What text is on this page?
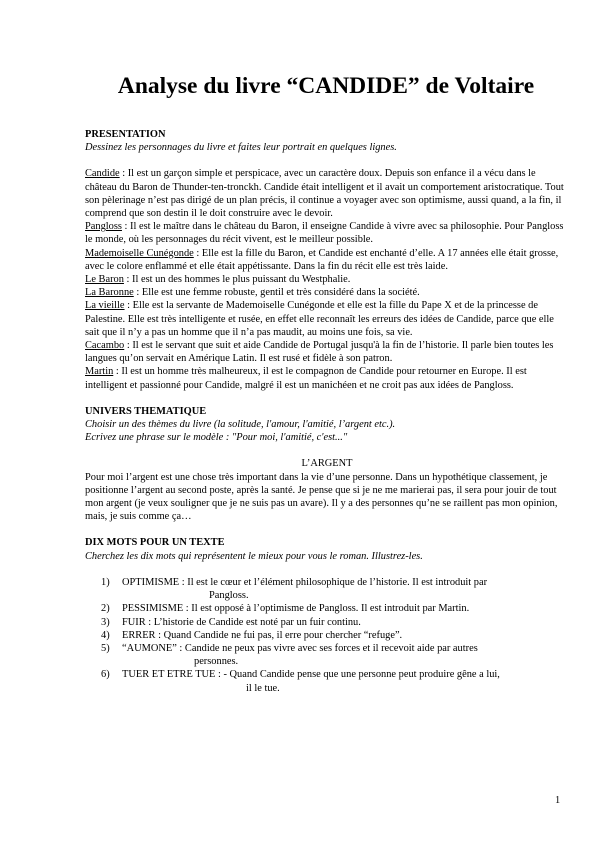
Analyse du livre “CANDIDE” de Voltaire

PRESENTATION

Dessinez les personnages du livre et faites leur portrait en quelques lignes.

Candide : Il est un garçon simple et perspicace, avec un caractère doux. Depuis son enfance il a vécu dans le château du Baron de Thunder-ten-tronckh. Candide était intelligent et il avait un comportement aristocratique. Tout son pèlerinage n’est pas dirigé de un plan précis, il continue a voyager avec son optimisme, aussi quand, a la fin, il comprend que son destin il le doit construire avec le devoir.

Pangloss : Il est le maître dans le château du Baron, il enseigne Candide à vivre avec sa philosophie. Pour Pangloss le monde, où les personnages du récit vivent, est le meilleur possible.

Mademoiselle Cunégonde : Elle est la fille du Baron, et Candide est enchanté d’elle. A 17 années elle était grosse, avec le colore enflammé et elle était appétissante. Dans la fin du récit elle est très laide.

Le Baron : Il est un des hommes le plus puissant du Westphalie.

La Baronne : Elle est une femme robuste, gentil et très considéré dans la société.

La vieille : Elle est la servante de Mademoiselle Cunégonde et elle est la fille du Pape X et de la princesse de Palestine. Elle est très intelligente et rusée, en effet elle reconnaît les erreurs des idées de Candide, parce que elle sait que il n’y a pas un homme que il n’a pas maudit, au moins une fois, sa vie.

Cacambo : Il est le servant que suit et aide Candide de Portugal jusqu'à la fin de l’historie. Il parle bien toutes les langues qu’on servait en Amérique Latin. Il est rusé et fidèle à son patron.

Martin : Il est un homme très malheureux, il est le compagnon de Candide pour retourner en Europe. Il est intelligent et passionné pour Candide, malgré il est un manichéen et ne croit pas aux idées de Pangloss.

UNIVERS THEMATIQUE

Choisir un des thèmes du livre (la solitude, l'amour, l'amitié, l’argent etc.).

Ecrivez une phrase sur le modèle : "Pour moi, l'amitié, c'est..."

L’ARGENT

Pour moi l’argent est une chose très important dans la vie d’une personne. Dans un hypothétique classement, je positionne l’argent au second poste, après la santé. Je pense que si je ne me marierai pas, il sera pour jouir de tout mon argent (je veux souligner que je ne suis pas un avare). Il y a des personnes qu’ne se raillent pas mon opinion, mais, je suis comme ça…

DIX MOTS POUR UN TEXTE

Cherchez les dix mots qui représentent le mieux pour vous le roman. Illustrez-les.

1) OPTIMISME : Il est le cœur et l’élément philosophique de l’historie. Il est introduit par
Pangloss.
2) PESSIMISME : Il est opposé à l’optimisme de Pangloss. Il est introduit par Martin.
3) FUIR : L’historie de Candide est noté par un fuir continu.
4) ERRER : Quand Candide ne fui pas, il erre pour chercher “refuge”.
5) “AUMONE” : Candide ne peux pas vivre avec ses forces et il recevoit aide par autres
personnes.
6) TUER ET ETRE TUE : - Quand Candide pense que une personne peut produire gêne a lui,
il le tue.

1
